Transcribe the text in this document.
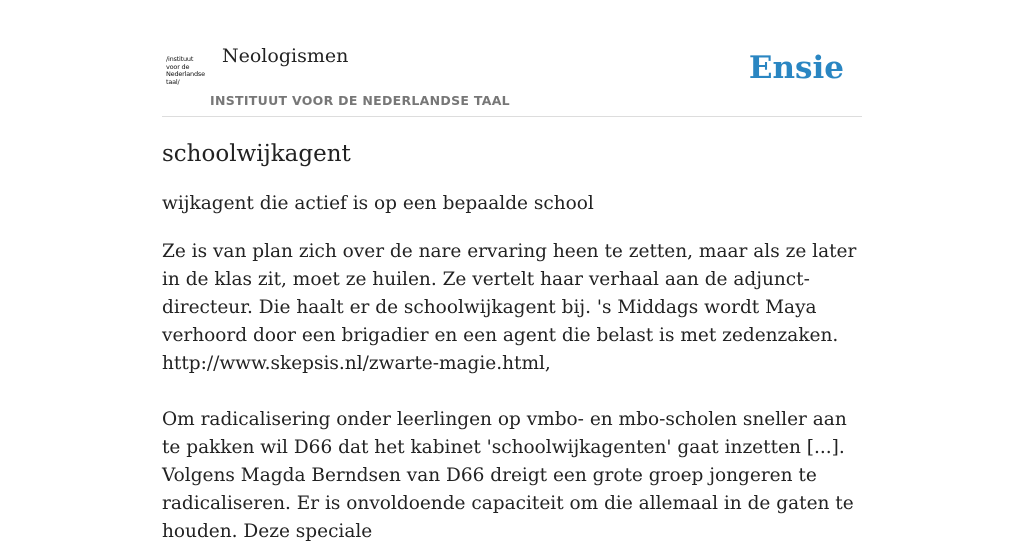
/instituut
voor de
Nederlandse
taal/
Neologismen
INSTITUUT VOOR DE NEDERLANDSE TAAL
Ensie
schoolwijkagent

wijkagent die actief is op een bepaalde school

Ze is van plan zich over de nare ervaring heen te zetten, maar als ze later in de klas zit, moet ze huilen. Ze vertelt haar verhaal aan de adjunct-directeur. Die haalt er de schoolwijkagent bij. 's Middags wordt Maya verhoord door een brigadier en een agent die belast is met zedenzaken.
http://www.skepsis.nl/zwarte-magie.html,
Om radicalisering onder leerlingen op vmbo- en mbo-scholen sneller aan te pakken wil D66 dat het kabinet 'schoolwijkagenten' gaat inzetten [...]. Volgens Magda Berndsen van D66 dreigt een grote groep jongeren te radicaliseren. Er is onvoldoende capaciteit om die allemaal in de gaten te houden. Deze speciale
